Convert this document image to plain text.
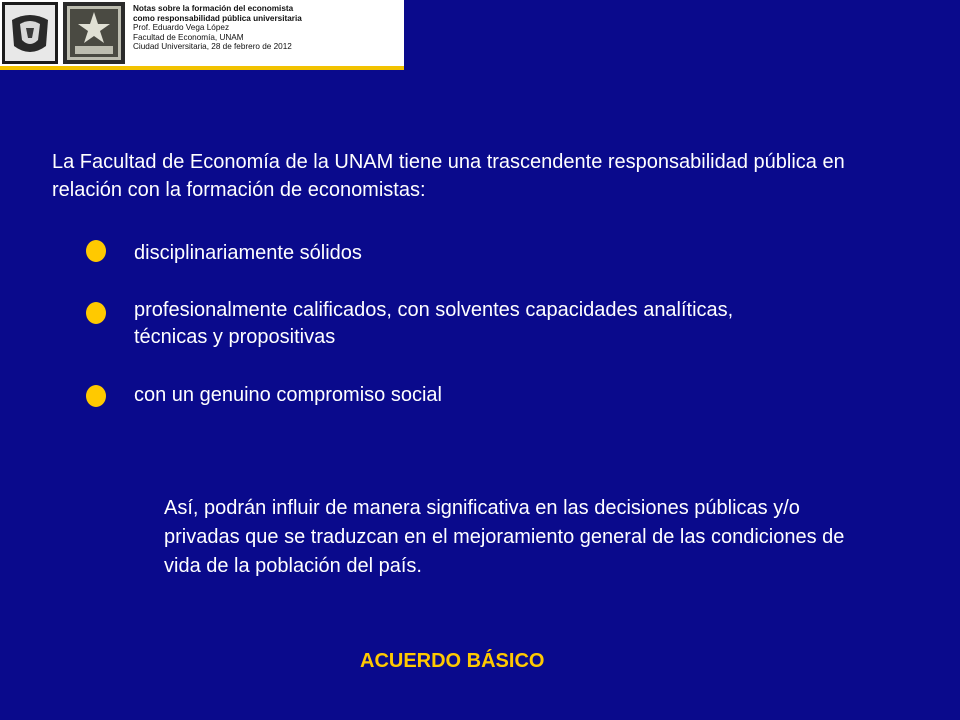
Notas sobre la formación del economista
como responsabilidad pública universitaria
Prof. Eduardo Vega López
Facultad de Economía, UNAM
Ciudad Universitaria, 28 de febrero de 2012
La Facultad de Economía de la UNAM tiene una trascendente responsabilidad pública en relación con la formación de economistas:
disciplinariamente sólidos
profesionalmente calificados, con solventes capacidades analíticas, técnicas y propositivas
con un genuino compromiso social
Así, podrán influir de manera significativa en las decisiones públicas y/o privadas que se traduzcan en el mejoramiento general de las condiciones de vida de la población del país.
ACUERDO BÁSICO
